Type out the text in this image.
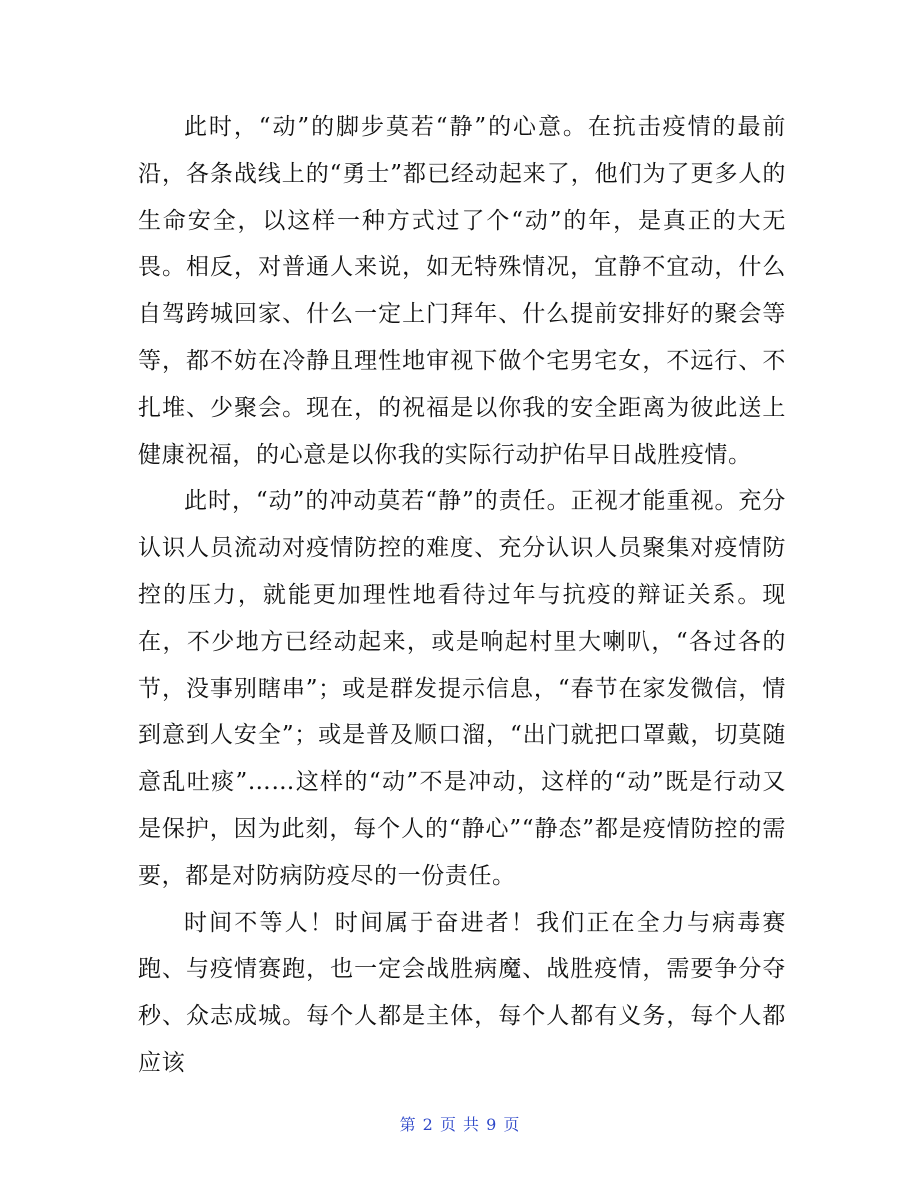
此时，“动”的脚步莫若“静”的心意。在抗击疫情的最前沿，各条战线上的“勇士”都已经动起来了，他们为了更多人的生命安全，以这样一种方式过了个“动”的年，是真正的大无畏。相反，对普通人来说，如无特殊情况，宜静不宜动，什么自驾跨城回家、什么一定上门拜年、什么提前安排好的聚会等等，都不妨在冷静且理性地审视下做个宅男宅女，不远行、不扎堆、少聚会。现在，的祝福是以你我的安全距离为彼此送上健康祝福，的心意是以你我的实际行动护佑早日战胜疫情。

此时，“动”的冲动莫若“静”的责任。正视才能重视。充分认识人员流动对疫情防控的难度、充分认识人员聚集对疫情防控的压力，就能更加理性地看待过年与抗疫的辩证关系。现在，不少地方已经动起来，或是响起村里大喇叭，“各过各的节，没事别瞎串”；或是群发提示信息，“春节在家发微信，情到意到人安全”；或是普及顺口溜，“出门就把口罩戴，切莫随意乱吐痰”……这样的“动”不是冲动，这样的“动”既是行动又是保护，因为此刻，每个人的“静心”“静态”都是疫情防控的需要，都是对防病防疫尽的一份责任。

时间不等人！时间属于奋进者！我们正在全力与病毒赛跑、与疫情赛跑，也一定会战胜病魔、战胜疫情，需要争分夺秒、众志成城。每个人都是主体，每个人都有义务，每个人都应该

第 2 页 共 9 页
